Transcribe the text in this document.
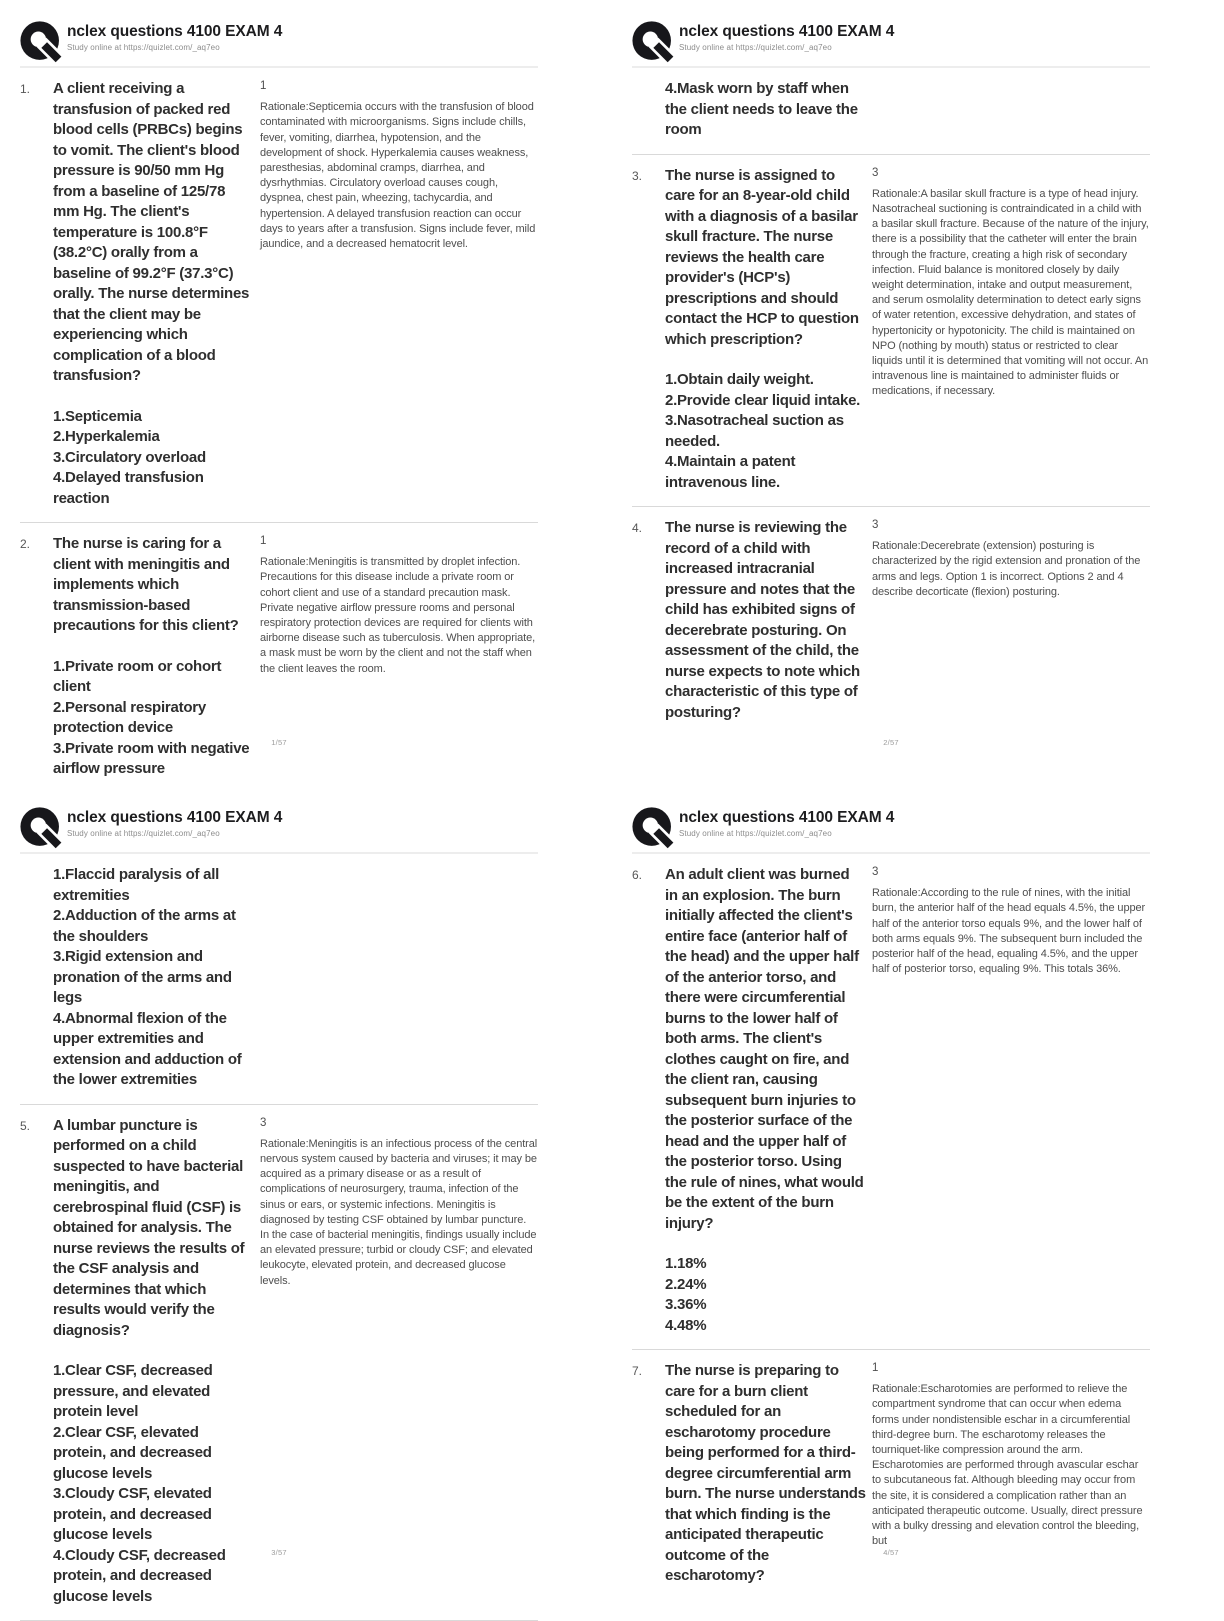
nclex questions 4100 EXAM 4
Study online at https://quizlet.com/_aq7eo
1.	A client receiving a transfusion of packed red blood cells (PRBCs) begins to vomit. The client's blood pressure is 90/50 mm Hg from a baseline of 125/78 mm Hg. The client's temperature is 100.8°F (38.2°C) orally from a baseline of 99.2°F (37.3°C) orally. The nurse determines that the client may be experiencing which complication of a blood transfusion?
1.Septicemia
2.Hyperkalemia
3.Circulatory overload
4.Delayed transfusion reaction
1
Rationale:Septicemia occurs with the transfusion of blood contaminated with microorganisms. Signs include chills, fever, vomiting, diarrhea, hypotension, and the development of shock. Hyperkalemia causes weakness, paresthesias, abdominal cramps, diarrhea, and dysrhythmias. Circulatory overload causes cough, dyspnea, chest pain, wheezing, tachycardia, and hypertension. A delayed transfusion reaction can occur days to years after a transfusion. Signs include fever, mild jaundice, and a decreased hematocrit level.
2.	The nurse is caring for a client with meningitis and implements which transmission-based precautions for this client?
1.Private room or cohort client
2.Personal respiratory protection device
3.Private room with negative airflow pressure
1
Rationale:Meningitis is transmitted by droplet infection. Precautions for this disease include a private room or cohort client and use of a standard precaution mask. Private negative airflow pressure rooms and personal respiratory protection devices are required for clients with airborne disease such as tuberculosis. When appropriate, a mask must be worn by the client and not the staff when the client leaves the room.
1/57
nclex questions 4100 EXAM 4
Study online at https://quizlet.com/_aq7eo
4.Mask worn by staff when the client needs to leave the room
3.	The nurse is assigned to care for an 8-year-old child with a diagnosis of a basilar skull fracture. The nurse reviews the health care provider's (HCP's) prescriptions and should contact the HCP to question which prescription?
1.Obtain daily weight.
2.Provide clear liquid intake.
3.Nasotracheal suction as needed.
4.Maintain a patent intravenous line.
3
Rationale:A basilar skull fracture is a type of head injury. Nasotracheal suctioning is contraindicated in a child with a basilar skull fracture. Because of the nature of the injury, there is a possibility that the catheter will enter the brain through the fracture, creating a high risk of secondary infection. Fluid balance is monitored closely by daily weight determination, intake and output measurement, and serum osmolality determination to detect early signs of water retention, excessive dehydration, and states of hypertonicity or hypotonicity. The child is maintained on NPO (nothing by mouth) status or restricted to clear liquids until it is determined that vomiting will not occur. An intravenous line is maintained to administer fluids or medications, if necessary.
4.	The nurse is reviewing the record of a child with increased intracranial pressure and notes that the child has exhibited signs of decerebrate posturing. On assessment of the child, the nurse expects to note which characteristic of this type of posturing?
3
Rationale:Decerebrate (extension) posturing is characterized by the rigid extension and pronation of the arms and legs. Option 1 is incorrect. Options 2 and 4 describe decorticate (flexion) posturing.
2/57
nclex questions 4100 EXAM 4
Study online at https://quizlet.com/_aq7eo
1.Flaccid paralysis of all extremities
2.Adduction of the arms at the shoulders
3.Rigid extension and pronation of the arms and legs
4.Abnormal flexion of the upper extremities and extension and adduction of the lower extremities
5.	A lumbar puncture is performed on a child suspected to have bacterial meningitis, and cerebrospinal fluid (CSF) is obtained for analysis. The nurse reviews the results of the CSF analysis and determines that which results would verify the diagnosis?
1.Clear CSF, decreased pressure, and elevated protein level
2.Clear CSF, elevated protein, and decreased glucose levels
3.Cloudy CSF, elevated protein, and decreased glucose levels
4.Cloudy CSF, decreased protein, and decreased glucose levels
3
Rationale:Meningitis is an infectious process of the central nervous system caused by bacteria and viruses; it may be acquired as a primary disease or as a result of complications of neurosurgery, trauma, infection of the sinus or ears, or systemic infections. Meningitis is diagnosed by testing CSF obtained by lumbar puncture. In the case of bacterial meningitis, findings usually include an elevated pressure; turbid or cloudy CSF; and elevated leukocyte, elevated protein, and decreased glucose levels.
3/57
nclex questions 4100 EXAM 4
Study online at https://quizlet.com/_aq7eo
6.	An adult client was burned in an explosion. The burn initially affected the client's entire face (anterior half of the head) and the upper half of the anterior torso, and there were circumferential burns to the lower half of both arms. The client's clothes caught on fire, and the client ran, causing subsequent burn injuries to the posterior surface of the head and the upper half of the posterior torso. Using the rule of nines, what would be the extent of the burn injury?
1.18%
2.24%
3.36%
4.48%
3
Rationale:According to the rule of nines, with the initial burn, the anterior half of the head equals 4.5%, the upper half of the anterior torso equals 9%, and the lower half of both arms equals 9%. The subsequent burn included the posterior half of the head, equaling 4.5%, and the upper half of posterior torso, equaling 9%. This totals 36%.
7.	The nurse is preparing to care for a burn client scheduled for an escharotomy procedure being performed for a third-degree circumferential arm burn. The nurse understands that which finding is the anticipated therapeutic outcome of the escharotomy?
1
Rationale:Escharotomies are performed to relieve the compartment syndrome that can occur when edema forms under nondistensible eschar in a circumferential third-degree burn. The escharotomy releases the tourniquet-like compression around the arm. Escharotomies are performed through avascular eschar to subcutaneous fat. Although bleeding may occur from the site, it is considered a complication rather than an anticipated therapeutic outcome. Usually, direct pressure with a bulky dressing and elevation control the bleeding, but
4/57
